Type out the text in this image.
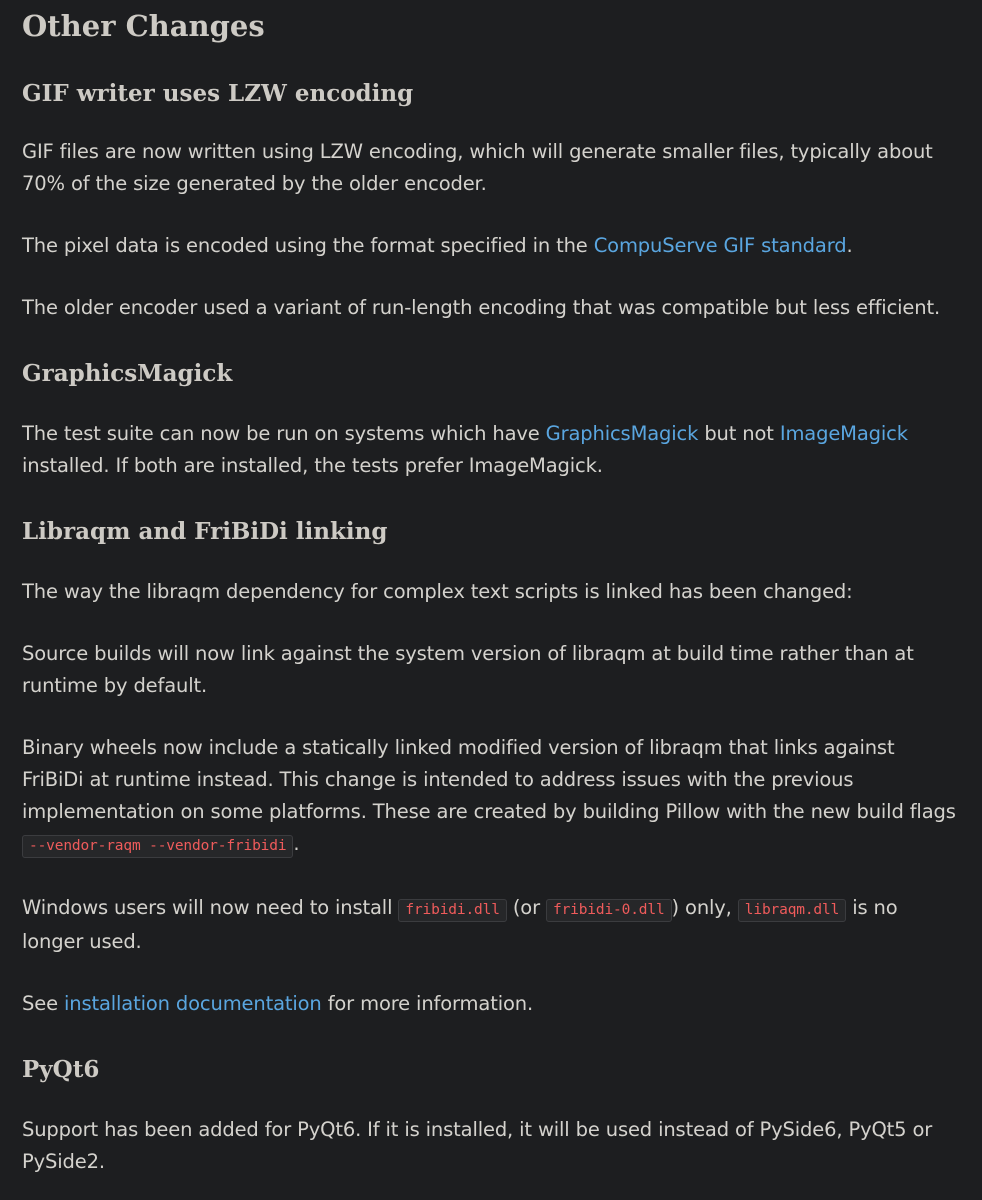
Other Changes
GIF writer uses LZW encoding

GIF files are now written using LZW encoding, which will generate smaller files, typically about 70% of the size generated by the older encoder.

The pixel data is encoded using the format specified in the CompuServe GIF standard.

The older encoder used a variant of run-length encoding that was compatible but less efficient.

GraphicsMagick

The test suite can now be run on systems which have GraphicsMagick but not ImageMagick installed. If both are installed, the tests prefer ImageMagick.

Libraqm and FriBiDi linking

The way the libraqm dependency for complex text scripts is linked has been changed:

Source builds will now link against the system version of libraqm at build time rather than at runtime by default.

Binary wheels now include a statically linked modified version of libraqm that links against FriBiDi at runtime instead. This change is intended to address issues with the previous implementation on some platforms. These are created by building Pillow with the new build flags --vendor-raqm --vendor-fribidi .

Windows users will now need to install fribidi.dll (or fribidi-0.dll ) only, libraqm.dll is no longer used.

See installation documentation for more information.

PyQt6

Support has been added for PyQt6. If it is installed, it will be used instead of PySide6, PyQt5 or PySide2.
